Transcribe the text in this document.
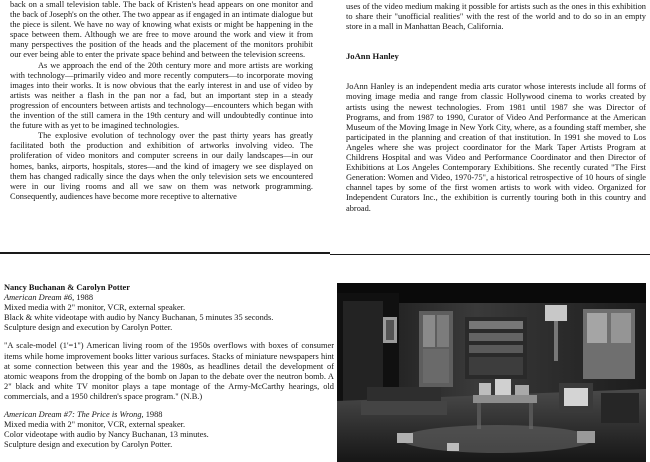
back on a small television table. The back of Kristen's head appears on one monitor and the back of Joseph's on the other. The two appear as if engaged in an intimate dialogue but the piece is silent. We have no way of knowing what exists or might be happening in the space between them. Although we are free to move around the work and view it from many perspectives the position of the heads and the placement of the monitors prohibit our ever being able to enter the private space behind and between the television screens.

As we approach the end of the 20th century more and more artists are working with technology—primarily video and more recently computers—to incorporate moving images into their works. It is now obvious that the early interest in and use of video by artists was neither a flash in the pan nor a fad, but an important step in a steady progression of encounters between artists and technology—encounters which began with the invention of the still camera in the 19th century and will undoubtedly continue into the future with as yet to be imagined technologies.

The explosive evolution of technology over the past thirty years has greatly facilitated both the production and exhibition of artworks involving video. The proliferation of video monitors and computer screens in our daily landscapes—in our homes, banks, airports, hospitals, stores—and the kind of imagery we see displayed on them has changed radically since the days when the only television sets we encountered were in our living rooms and all we saw on them was network programming. Consequently, audiences have become more receptive to alternative

uses of the video medium making it possible for artists such as the ones in this exhibition to share their "unofficial realities" with the rest of the world and to do so in an empty store in a mall in Manhattan Beach, California.

JoAnn Hanley

JoAnn Hanley is an independent media arts curator whose interests include all forms of moving image media and range from classic Hollywood cinema to works created by artists using the newest technologies. From 1981 until 1987 she was Director of Programs, and from 1987 to 1990, Curator of Video And Performance at the American Museum of the Moving Image in New York City, where, as a founding staff member, she participated in the planning and creation of that institution. In 1991 she moved to Los Angeles where she was project coordinator for the Mark Taper Artists Program at Childrens Hospital and was Video and Performance Coordinator and then Director of Exhibitions at Los Angeles Contemporary Exhibitions. She recently curated "The First Generation: Women and Video, 1970-75", a historical retrospective of 10 hours of single channel tapes by some of the first women artists to work with video. Organized for Independent Curators Inc., the exhibition is currently touring both in this country and abroad.

Nancy Buchanan & Carolyn Potter
American Dream #6, 1988
Mixed media with 2" monitor, VCR, external speaker.
Black & white videotape with audio by Nancy Buchanan, 5 minutes 35 seconds.
Sculpture design and execution by Carolyn Potter.
"A scale-model (1'=1") American living room of the 1950s overflows with boxes of consumer items while home improvement books litter various surfaces. Stacks of miniature newspapers hint at some connection between this year and the 1980s, as headlines detail the development of atomic weapons from the dropping of the bomb on Japan to the debate over the neutron bomb. A 2" black and white TV monitor plays a tape montage of the Army-McCarthy hearings, old commercials, and a 1950 children's space program." (N.B.)
American Dream #7: The Price is Wrong, 1988
Mixed media with 2" monitor, VCR, external speaker.
Color videotape with audio by Nancy Buchanan, 13 minutes.
Sculpture design and execution by Carolyn Potter.
